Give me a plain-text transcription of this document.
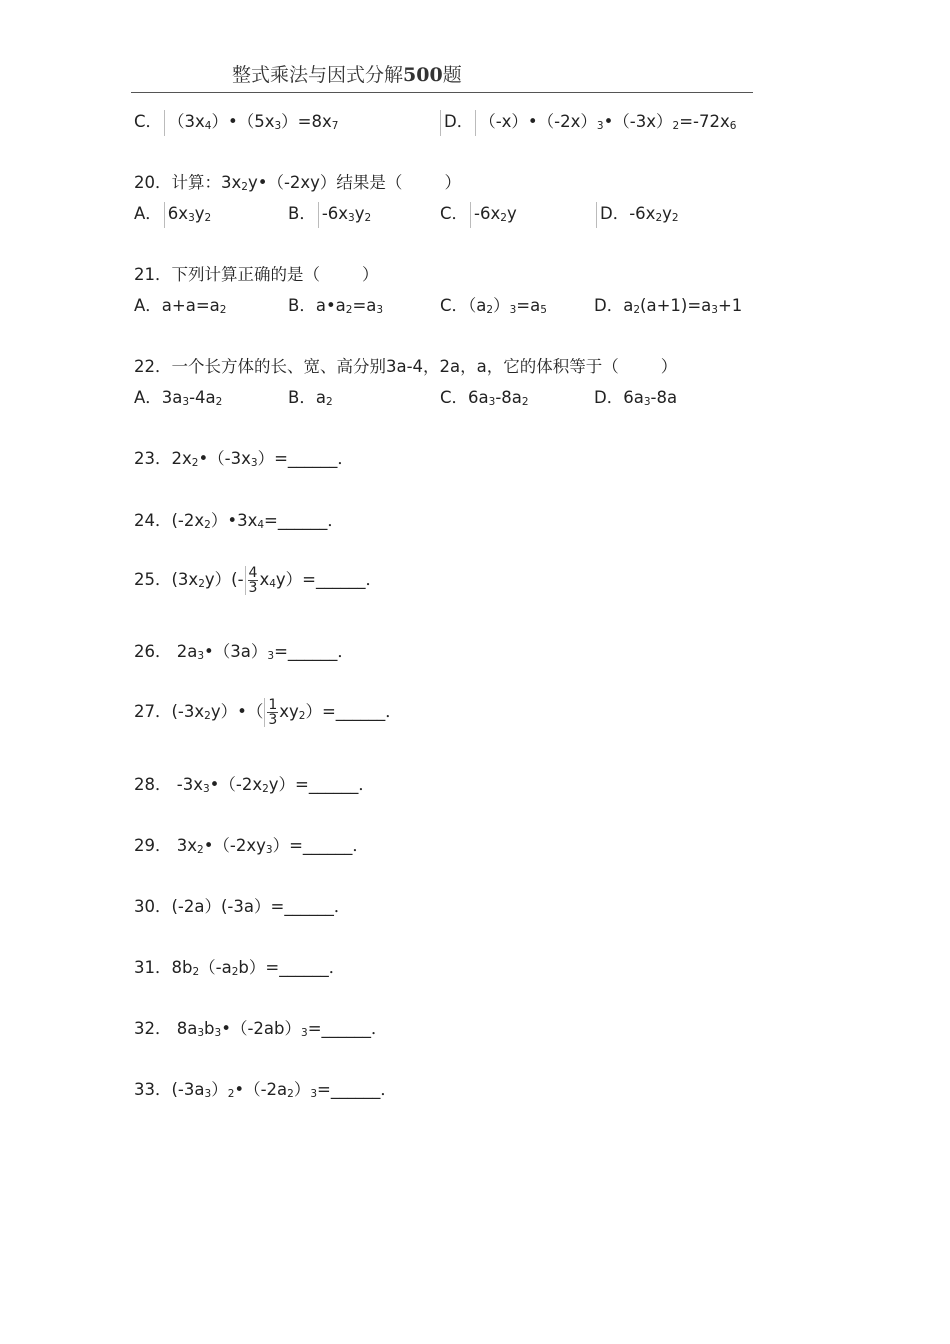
整式乘法与因式分解500题
C． $(3x_4)•(5x_3)=8x_7$	D． $(-x)•(-2x)_3•(-3x)_2=-72x_6$
20．计算：$3x_2y•(-2xy)$结果是（	）
A． $6x_3y_2$	B． $-6x_3y_2$	C． $-6x_2y$	D．$-6x_2y_2$
21．下列计算正确的是（	）
A．$a+a=a_2$	B．$a•a_2=a_3$	C．$(a_2)_3=a_5$	D．$a_2(a+1)=a_3+1$
22．一个长方体的长、宽、高分别3a-4，2a，a，它的体积等于（	）
A．$3a_3-4a_2$	B．$a_2$	C．$6a_3-8a_2$	D．$6a_3-8a$
23．$2x_2•(-3x_3)=\_\_\_\_\_\_$．
24．$(-2x_2)•3x_4=\_\_\_\_\_\_$．
25．$(3x_2y)(- \frac{4}{3}$ $x_4y)=\_\_\_\_\_\_$．
26． $2a_3•(3a)_3=\_\_\_\_\_\_$．
27．$(-3x_2y)•( \frac{1}{3}$ $xy_2)=\_\_\_\_\_\_$．
28． $-3x_3•(-2x_2y)=\_\_\_\_\_\_$．
29． $3x_2•(-2xy_3)=\_\_\_\_\_\_$．
30．(-2a）(-3a）=______．
31．$8b_2(-a_2b)=\_\_\_\_\_\_$．
32． $8a_3b_3•(-2ab)_3=\_\_\_\_\_\_$．
33．$(-3a_3)_2•(-2a_2)_3=\_\_\_\_\_\_$．
